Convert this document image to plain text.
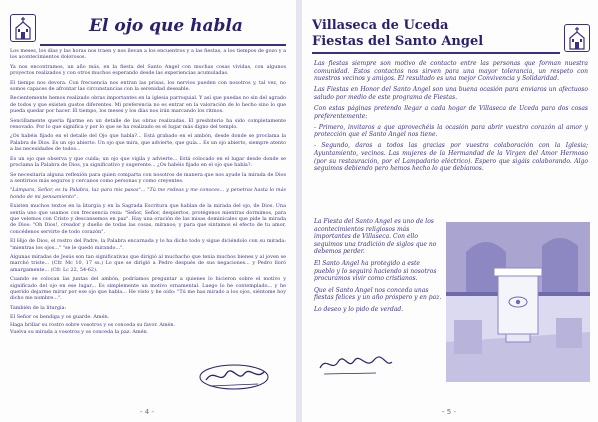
El ojo que habla

Los meses, los días y las horas nos traen y nos llevan a los encuentros y a las fiestas, a los tiempos de gozo y a los acontecimientos dolorosos.

Ya nos encontramos, un año más, en la fiesta del Santo Angel con muchas cosas vividas, con algunos proyectos realizados y con otros muchos esperando desde las experiencias acumuladas.

El tiempo nos devora. Con frecuencia nos entran las prisas, los nervios pueden con nosotros y, tal vez, no somos capaces de afrontar las circunstancias con la serenidad deseable.

Recientemente hemos realizado obras importantes en la iglesia parroquial. Y así que puedas no sin del agrado de todos y que existen gustos diferentes. Mi preferencia no es entrar en la valoración de lo hecho sino lo que pueda quedar por hacer. El tiempo, los meses y los días nos irán marcando los ritmos.

Sencillamente quería fijarme en un detalle de las obras realizadas. El presbiterio ha sido completamente renovado. Por lo que significa y por lo que se ha realizado es el lugar más digno del templo.

¿Os habéis fijado en el detalle del Ojo que habla?... Está grabado en el ambón, desde donde se proclama la Palabra de Dios. Es un ojo abierto. Un ojo que mira, que advierte, que guía... Es un ojo abierto, siempre atento a las necesidades de todos...

Es un ojo que observa y que cuida; un ojo que vigila y advierte... Está colocado en el lugar desde donde se proclama la Palabra de Dios, ya significativo y sugerente... ¿Os habéis fijado en el ojo que habla?.

Se necesitaría alguna reflexión para quien comparta con nosotros de manera que nos ayude la mirada de Dios a sentirnos más seguros y cercanos como personas y como creyentes.

"Lámpara, Señor, es tu Palabra, luz para mis pasos"... "Tú me rodeas y me conoces... y penetras hasta lo más hondo de mi pensamiento".

Existen muchos textos en la liturgia y en la Sagrada Escritura que hablan de la mirada del ojo, de Dios. Una sentía uno que usamos con frecuencia reza: "Señor, Señor, despiertos, protégenos mientras dormimos, para que velemos con Cristo y descansemos en paz". Hay una oración de las misas dominicales que pide la mirada de Dios: "Oh Dios!, creador y dueño de todas las cosas, míranos; y para que sintamos el efecto de tu amor, concédenos servirte de todo corazón".

El Hijo de Dios, el rostro del Padre, la Palabra encarnada y lo ha dicho todo y sigue diciéndolo con su mirada: "mientras los ojos..." "se le quedó mirando...".

Algunas miradas de Jesús son tan significativas que dirigió al muchacho que tenía muchos bienes y al joven se marchó triste... (Cfr. Mc 10, 17 ss.) Lo que se dirigió a Pedro después de sus negaciones... y Pedro lloró amargamente... (Cfr. Lc 22, 54-62).

Cuando se colocan las juntas del ambón, podríamos preguntar a quienes lo hicieron sobre el motivo y significado del ojo en ese lugar... Es simplemente un motivo ornamental. Luego lo he contemplado... y he querido dejarme mirar por ese ojo que habla... He visto y he oído: "Tú me has mirado a los ojos, siéntome hoy dicho me nombre...".

También de la liturgia:

El Señor os bendiga y os guarde. Amén.
Haga brillar su rostro sobre vosotros y os conceda su favor. Amén.
Vuelva su mirada a vosotros y os conceda la paz. Amén.
- 4 -
Villaseca de Uceda
Fiestas del Santo Angel

Las fiestas siempre son motivo de contacto entre las personas que forman nuestra comunidad. Estos contactos nos sirven para una mayor tolerancia, un respeto con nuestros vecinos y amigos. El resultado es una mejor Convivencia y Solidaridad.

Las Fiestas en Honor del Santo Angel son una buena ocasión para enviaros un afectuoso saludo por medio de este programa de Fiestas.

Con estas páginas pretendo llegar a cada hogar de Villaseca de Uceda para dos cosas preferentemente:

- Primero, invitaros a que aprovechéis la ocasión para abrir vuestro corazón al amor y protección que el Santo Angel nos tiene.

- Segundo, daros a todos las gracias por vuestra colaboración con la Iglesia; Ayuntamiento, vecinos. Las mujeres de la Hermandad de la Virgen del Amor Hermoso (por su restauración, por el Lampadario eléctrico). Espero que sigáis colaborando. Algo seguimos debiendo pero hemos hecho lo que debíamos.

La Fiesta del Santo Angel es uno de los acontecimientos religiosos más importantes de Villaseca. Con ello seguimos una tradición de siglos que no debemos perder.

El Santo Angel ha protegido a este pueblo y lo seguirá haciendo si nosotros procuramos vivir como cristianos.

Que el Santo Angel nos conceda unas fiestas felices y un año próspero y en paz.

Lo deseo y lo pido de verdad.

- 5 -
